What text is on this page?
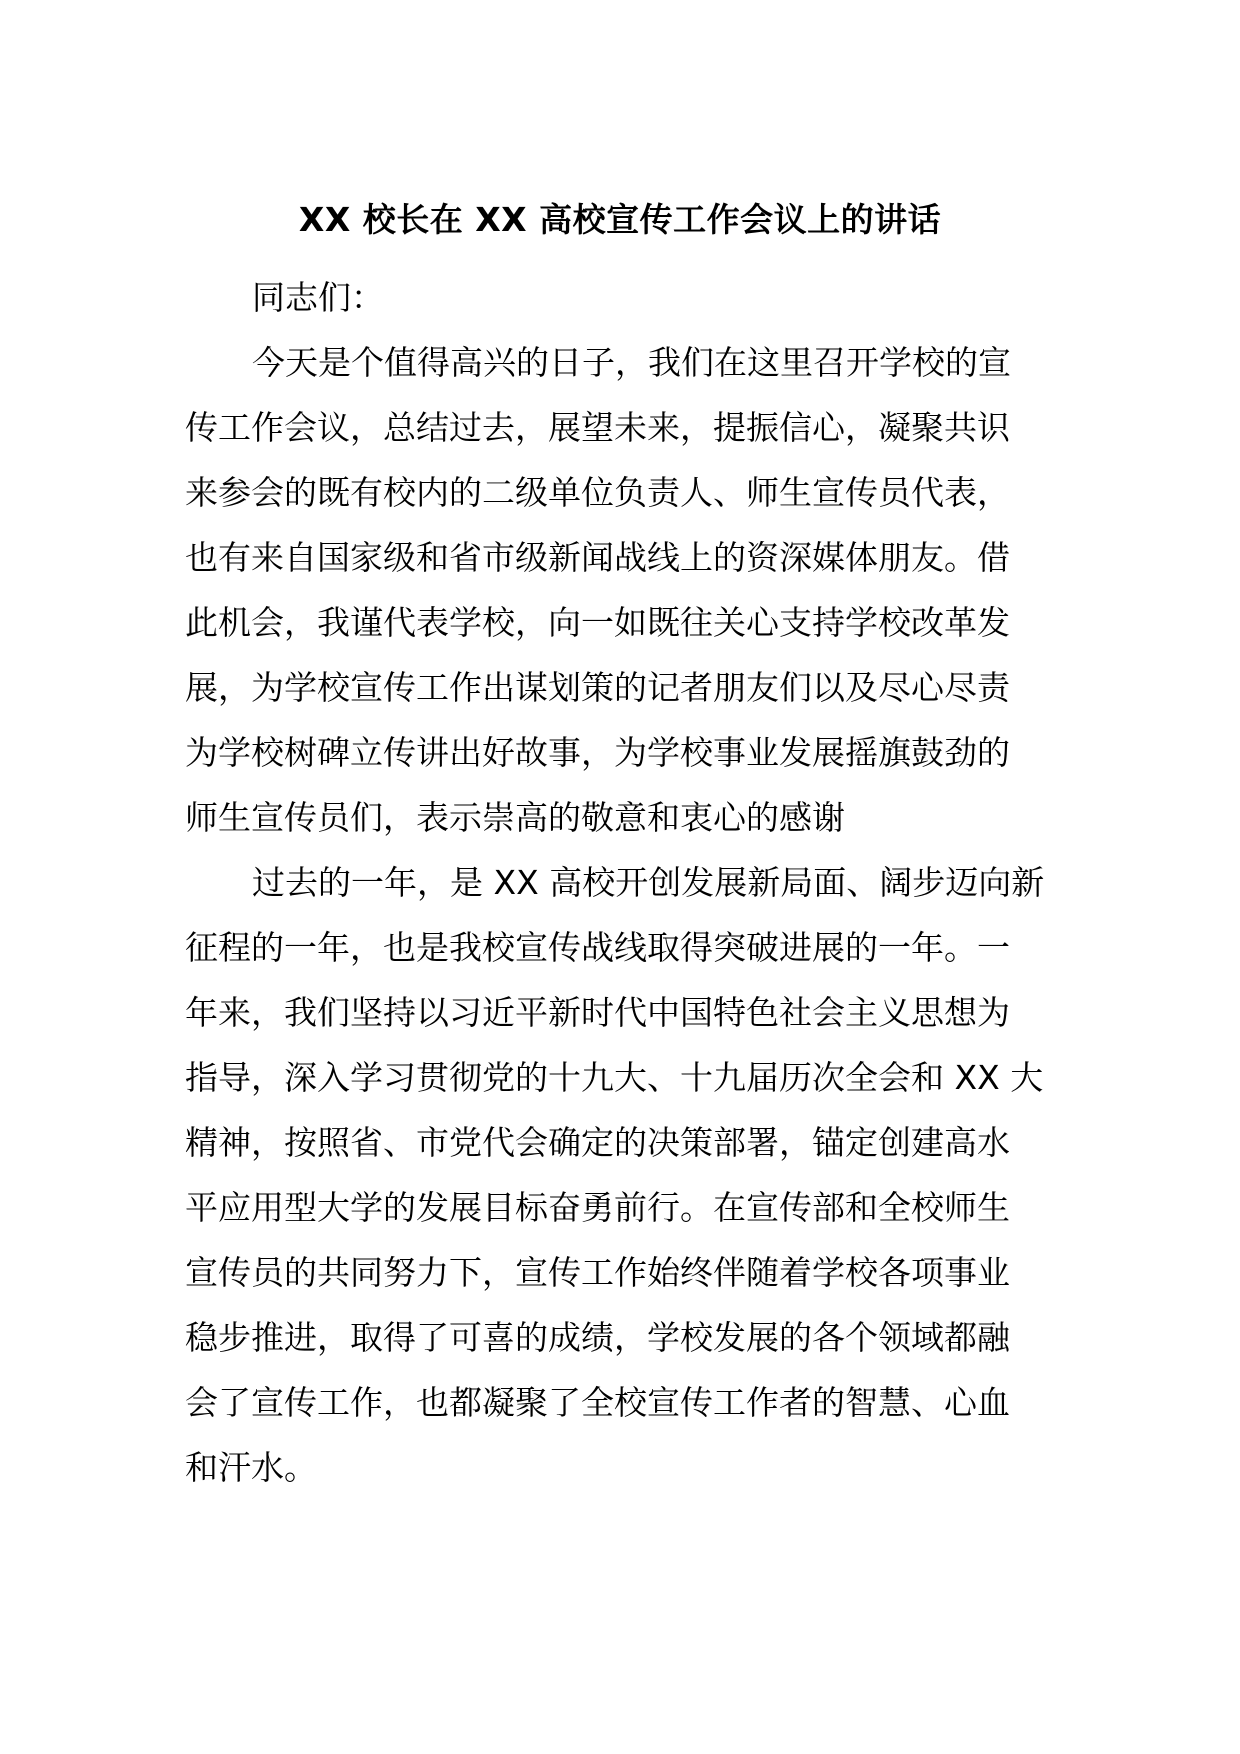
XX 校长在 XX 高校宣传工作会议上的讲话

同志们：

今天是个值得高兴的日子，我们在这里召开学校的宣
传工作会议，总结过去，展望未来，提振信心，凝聚共识
来参会的既有校内的二级单位负责人、师生宣传员代表，
也有来自国家级和省市级新闻战线上的资深媒体朋友。借
此机会，我谨代表学校，向一如既往关心支持学校改革发
展，为学校宣传工作出谋划策的记者朋友们以及尽心尽责
为学校树碑立传讲出好故事，为学校事业发展摇旗鼓劲的
师生宣传员们，表示崇高的敬意和衷心的感谢

过去的一年，是 XX 高校开创发展新局面、阔步迈向新
征程的一年，也是我校宣传战线取得突破进展的一年。一
年来，我们坚持以习近平新时代中国特色社会主义思想为
指导，深入学习贯彻党的十九大、十九届历次全会和 XX 大
精神，按照省、市党代会确定的决策部署，锚定创建高水
平应用型大学的发展目标奋勇前行。在宣传部和全校师生
宣传员的共同努力下，宣传工作始终伴随着学校各项事业
稳步推进，取得了可喜的成绩，学校发展的各个领域都融
会了宣传工作，也都凝聚了全校宣传工作者的智慧、心血
和汗水。
